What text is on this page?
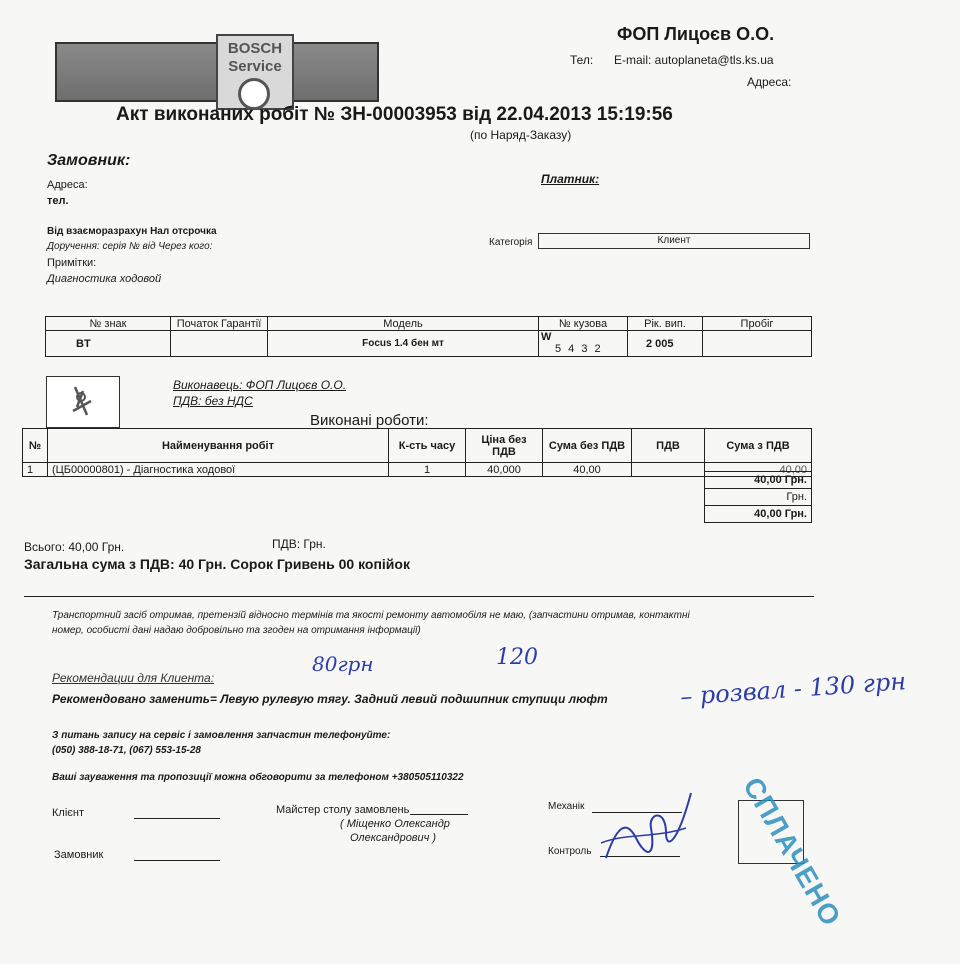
BOSCH
Service
ФОП Лицоєв О.О.
Тел: E-mail: autoplaneta@tls.ks.ua
Адреса:
Акт виконаних робіт № ЗН-00003953 від 22.04.2013 15:19:56
(по Наряд-Заказу)
Замовник:
Адреса:
тел.
Платник:
Від взаєморазрахун Нал отсрочка
Доручення: серія № від Через кого:
Примітки:
Диагностика ходовой
Категорія	Клиент
№ знак	Початок Гарантії	Модель	№ кузова	Рік. вип.	Пробіг
BT		Focus 1.4 бен мт	W
5 4 3 2	2 005	
Виконавець: ФОП Лицоєв О.О.
ПДВ: без НДС
Виконані роботи:
№	Найменування робіт	К-сть часу	Ціна без ПДВ	Сума без ПДВ	ПДВ	Сума з ПДВ
1	(ЦБ00000801) - Діагностика ходової	1	40,000	40,00		40,00
40,00 Грн.
Грн.
40,00 Грн.
Всього: 40,00 Грн.	ПДВ: Грн.
Загальна сума з ПДВ: 40 Грн. Сорок Гривень 00 копійок
Транспортний засіб отримав, претензій відносно термінів та якості ремонту автомобіля не маю, (запчастини отримав, контактні
номер, особисті дані надаю добровільно та згоден на отримання інформації)
Рекомендации для Клиента:
Рекомендовано заменить= Левую рулевую тягу. Задний левий подшипник ступици люфт
80грн	120
– розвал - 130 грн
З питань запису на сервіс і замовлення запчастин телефонуйте:
(050) 388-18-71, (067) 553-15-28
Ваші зауваження та пропозиції можна обговорити за телефоном +380505110322
Клієнт	Майстер столу замовлень
( Міщенко Олександр
Олександрович )
Механік
Замовник	Контроль	СПЛАЧЕНО
